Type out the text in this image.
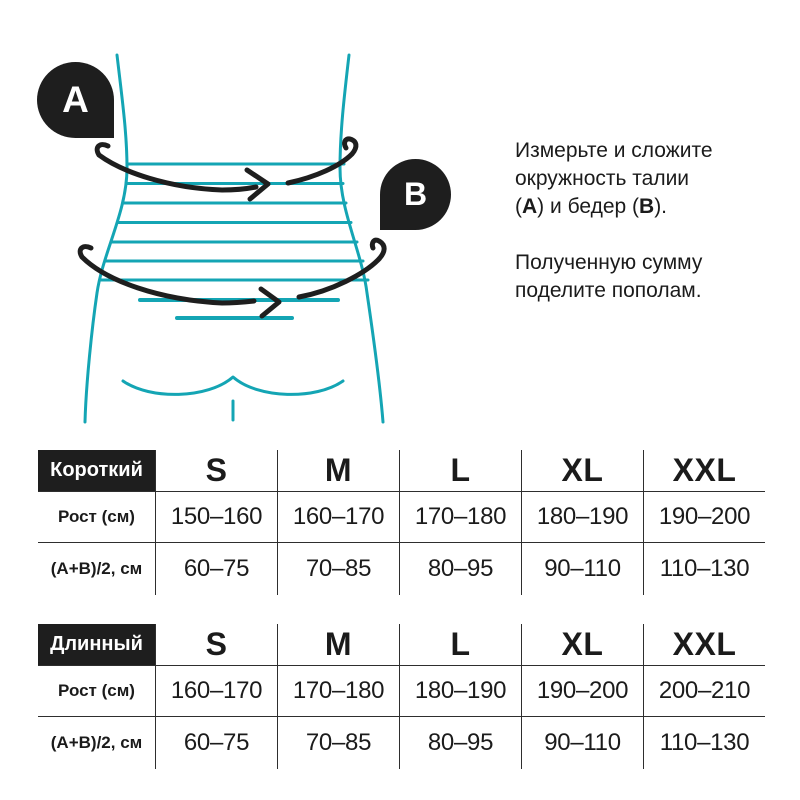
A
B

Измерьте и сложите
окружность талии
(А) и бедер (В).

Полученную сумму
поделите пополам.

Короткий	S	M	L	XL	XXL
Рост (см)	150–160	160–170	170–180	180–190	190–200
(А+В)/2, см	60–75	70–85	80–95	90–110	110–130
Длинный	S	M	L	XL	XXL
Рост (см)	160–170	170–180	180–190	190–200	200–210
(А+В)/2, см	60–75	70–85	80–95	90–110	110–130
